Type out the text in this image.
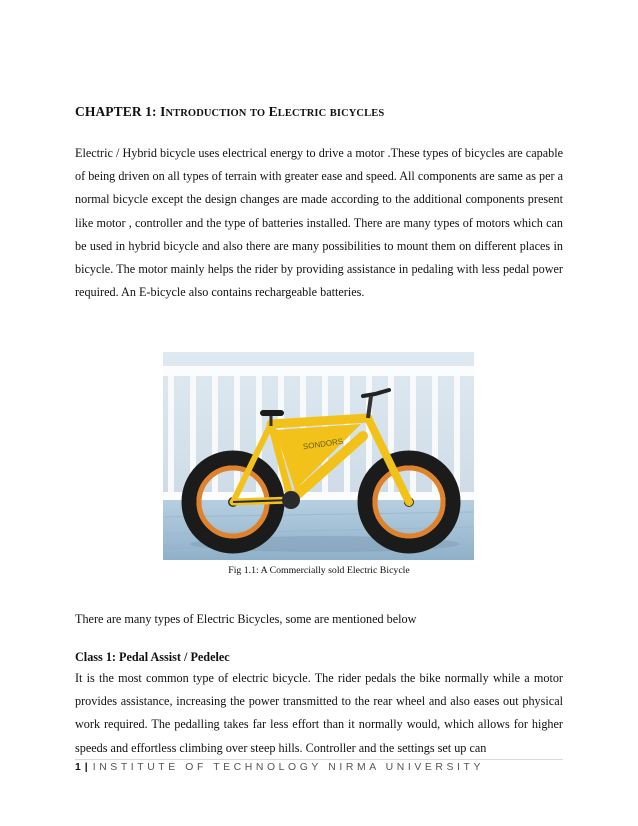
CHAPTER 1: INTRODUCTION TO ELECTRIC BICYCLES

Electric / Hybrid bicycle uses electrical energy to drive a motor .These types of bicycles are capable of being driven on all types of terrain with greater ease and speed. All components are same as per a normal bicycle except the design changes are made according to the additional components present like motor , controller and the type of batteries installed. There are many types of motors which can be used in hybrid bicycle and also there are many possibilities to mount them on different places in bicycle. The motor mainly helps the rider by providing assistance in pedaling with less pedal power required. An E-bicycle also contains rechargeable batteries.

SONDORS
Fig 1.1: A Commercially sold Electric Bicycle
There are many types of Electric Bicycles, some are mentioned below
Class 1: Pedal Assist / Pedelec

It is the most common type of electric bicycle. The rider pedals the bike normally while a motor provides assistance, increasing the power transmitted to the rear wheel and also eases out physical work required. The pedalling takes far less effort than it normally would, which allows for higher speeds and effortless climbing over steep hills. Controller and the settings set up can

1 | INSTITUTE OF TECHNOLOGY NIRMA UNIVERSITY
